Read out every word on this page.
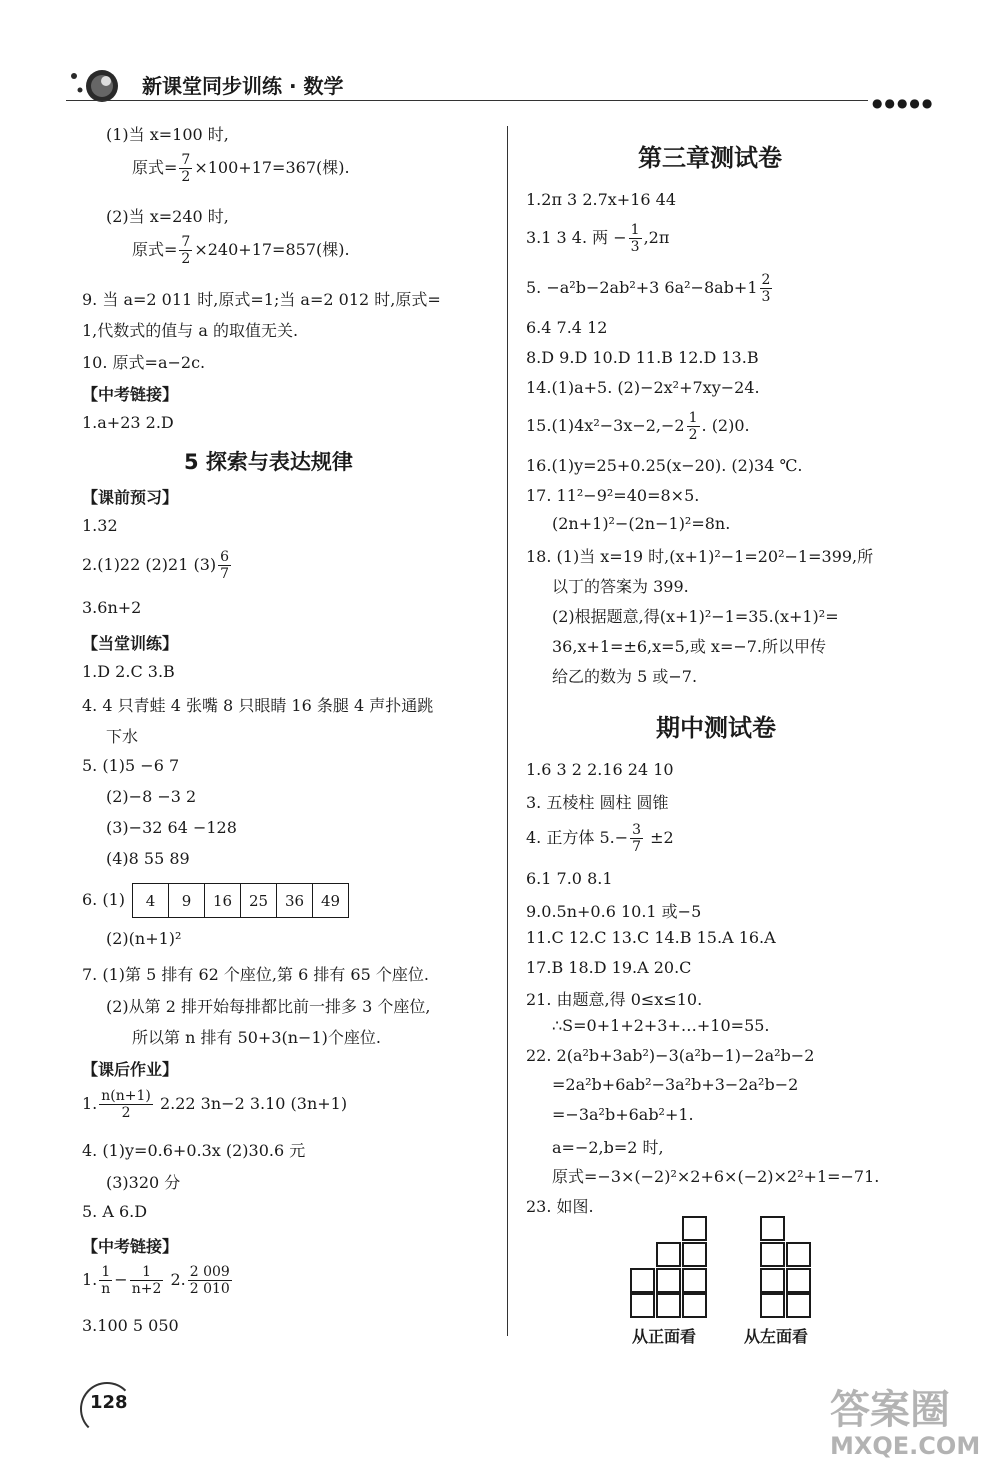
新课堂同步训练 · 数学
●●●●●
(1)当 x=100 时,
原式= $\frac{7}{2} \times 100+17=367$(棵).
(2)当 x=240 时,
原式= $\frac{7}{2} \times 240+17=857$(棵).
9. 当 a=2 011 时,原式=1;当 a=2 012 时,原式=
1,代数式的值与 a 的取值无关.
10. 原式=a−2c.
【中考链接】
1.a+23 2.D
5 探索与表达规律
【课前预习】
1.32
2.(1)22 (2)21 $(3) \frac{6}{7}$
3.6n+2
【当堂训练】
1.D 2.C 3.B
4. 4 只青蛙 4 张嘴 8 只眼睛 16 条腿 4 声扑通跳
下水
5. (1)5 −6 7
(2)−8 −3 2
(3)−32 64 −128
(4)8 55 89
6. (1)	4	9	16	25	36	49
(2)(n+1)²
7. (1)第 5 排有 62 个座位,第 6 排有 65 个座位.
(2)从第 2 排开始每排都比前一排多 3 个座位,
所以第 n 排有 50+3(n−1)个座位.
【课后作业】
1. $\frac{n(n+1)}{2} 2.22$ 3n−2 3.10 (3n+1)
4. (1)y=0.6+0.3x (2)30.6 元
(3)320 分
5. A 6.D
【中考链接】
1. $\frac{1}{n} - \frac{1}{n+2} 2$. $\frac{2 009}{2 010}$
3.100 5 050
第三章测试卷
1.2π 3 2.7x+16 44
3.1 3 4. 两 − $\frac{1}{3} ,2\pi$
5. −a²b−2ab²+3 $6a^2-8ab+1 \frac{2}{3}$
6.4 7.4 12
8.D 9.D 10.D 11.B 12.D 13.B
14.(1)a+5. (2)−2x²+7xy−24.
$15.(1)4x^2-3x-2,-2 \frac{1}{2}$ . (2)0.
16.(1)y=25+0.25(x−20). (2)34 ℃.
17. 11²−9²=40=8×5.
(2n+1)²−(2n−1)²=8n.
18. (1)当 x=19 时,(x+1)²−1=20²−1=399,所
以丁的答案为 399.
(2)根据题意,得(x+1)²−1=35.(x+1)²=
36,x+1=±6,x=5,或 x=−7.所以甲传
给乙的数为 5 或−7.
期中测试卷
1.6 3 2 2.16 24 10
3. 五棱柱 圆柱 圆锥
4. 正方体 $5.- \frac{3}{7} \pm 2$
6.1 7.0 8.1
9.0.5n+0.6 10.1 或−5
11.C 12.C 13.C 14.B 15.A 16.A
17.B 18.D 19.A 20.C
21. 由题意,得 0≤x≤10.
∴S=0+1+2+3+…+10=55.
22. 2(a²b+3ab²)−3(a²b−1)−2a²b−2
=2a²b+6ab²−3a²b+3−2a²b−2
=−3a²b+6ab²+1.
a=−2,b=2 时,
原式=−3×(−2)²×2+6×(−2)×2²+1=−71.
23. 如图.
从正面看	从左面看
128	答案圈
MXQE.COM
